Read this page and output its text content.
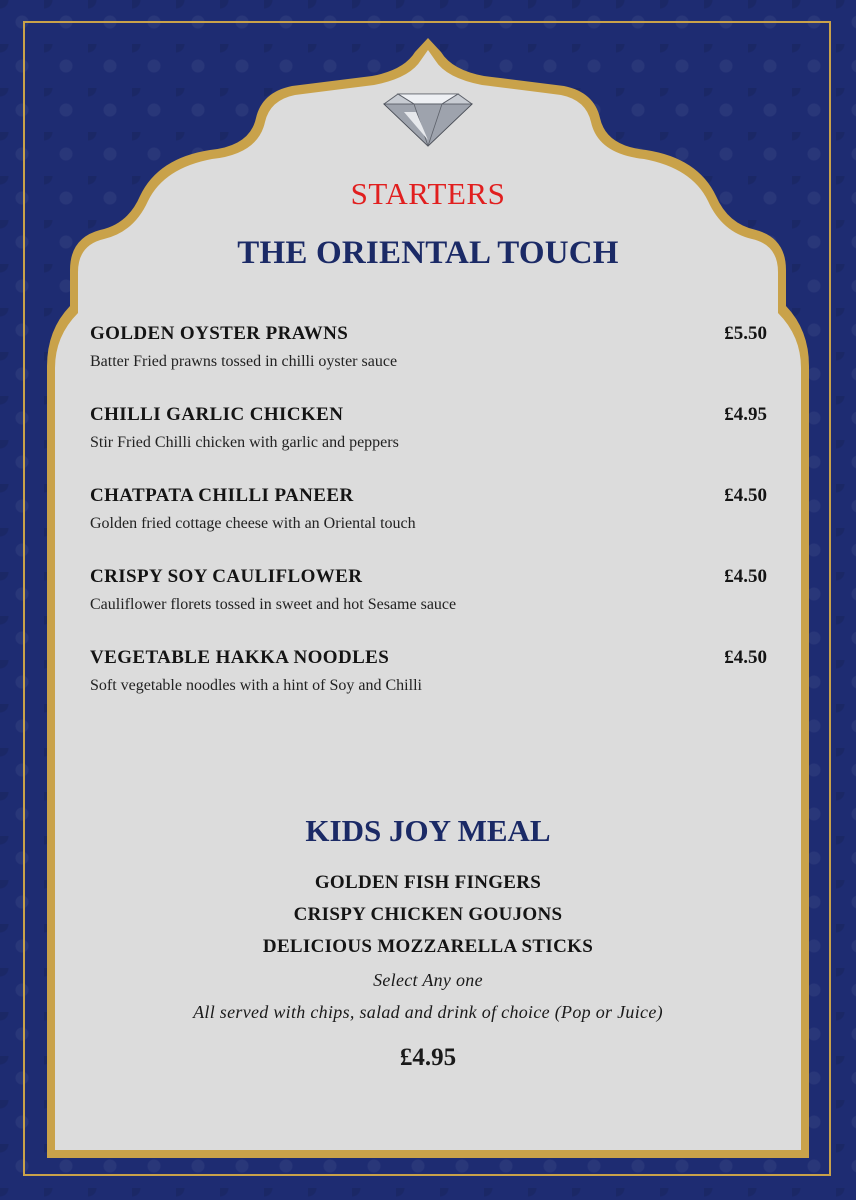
STARTERS
THE ORIENTAL TOUCH
GOLDEN OYSTER PRAWNS	£5.50
Batter Fried prawns tossed in chilli oyster sauce
CHILLI GARLIC CHICKEN	£4.95
Stir Fried Chilli chicken with garlic and peppers
CHATPATA CHILLI PANEER	£4.50
Golden fried cottage cheese with an Oriental touch
CRISPY SOY CAULIFLOWER	£4.50
Cauliflower florets tossed in sweet and hot Sesame sauce
VEGETABLE HAKKA NOODLES	£4.50
Soft vegetable noodles with a hint of Soy and Chilli
KIDS JOY MEAL
GOLDEN FISH FINGERS
CRISPY CHICKEN GOUJONS
DELICIOUS MOZZARELLA STICKS
Select Any one
All served with chips, salad and drink of choice (Pop or Juice)
£4.95
